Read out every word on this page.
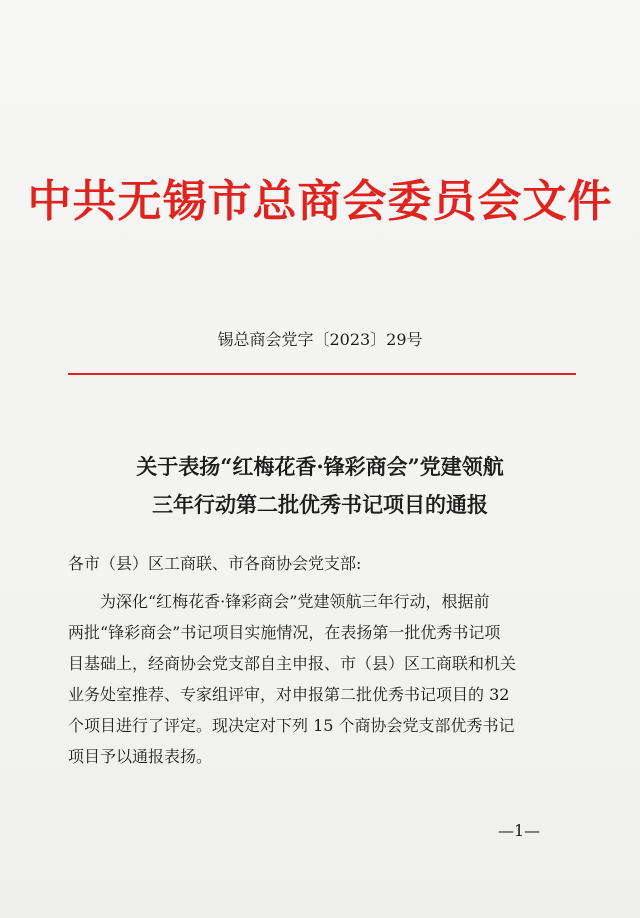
中共无锡市总商会委员会文件
锡总商会党字〔2023〕29号
关于表扬“红梅花香·锋彩商会”党建领航
三年行动第二批优秀书记项目的通报
各市（县）区工商联、市各商协会党支部:
为深化“红梅花香·锋彩商会”党建领航三年行动，根据前
两批“锋彩商会”书记项目实施情况，在表扬第一批优秀书记项
目基础上，经商协会党支部自主申报、市（县）区工商联和机关
业务处室推荐、专家组评审，对申报第二批优秀书记项目的 32
个项目进行了评定。现决定对下列 15 个商协会党支部优秀书记
项目予以通报表扬。
—1—
